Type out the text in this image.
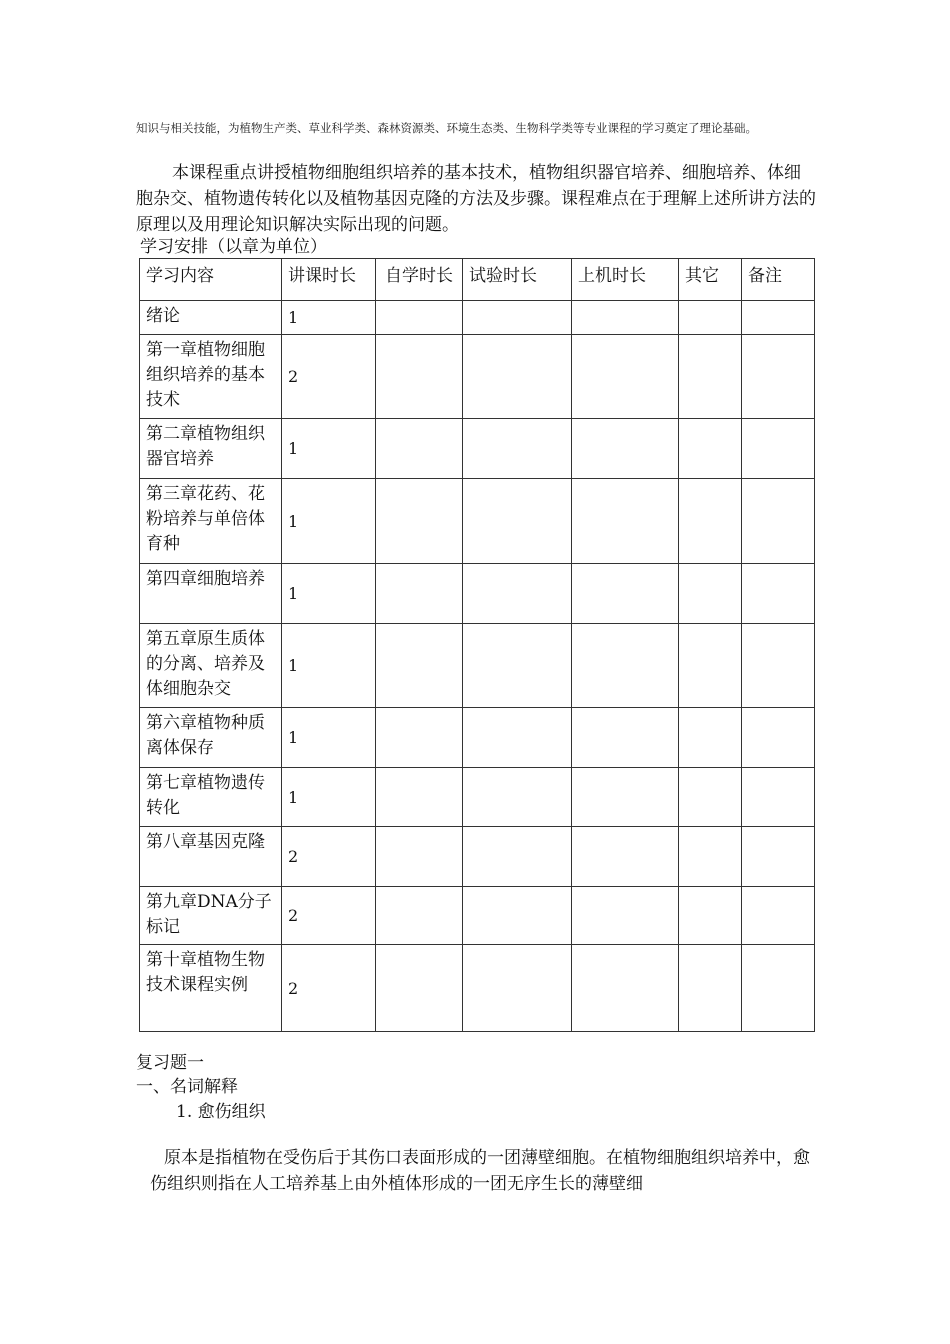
知识与相关技能，为植物生产类、草业科学类、森林资源类、环境生态类、生物科学类等专业课程的学习奠定了理论基础。
本课程重点讲授植物细胞组织培养的基本技术，植物组织器官培养、细胞培养、体细胞杂交、植物遗传转化以及植物基因克隆的方法及步骤。课程难点在于理解上述所讲方法的原理以及用理论知识解决实际出现的问题。
学习安排（以章为单位）
学习内容	讲课时长	自学时长	试验时长	上机时长	其它	备注
绪论	1					
第一章植物细胞组织培养的基本技术	2					
第二章植物组织器官培养	1					
第三章花药、花粉培养与单倍体育种	1					
第四章细胞培养	1					

第五章原生质体的分离、培养及体细胞杂交	1					
第六章植物种质离体保存	1					
第七章植物遗传转化	1					
第八章基因克隆	2					
第九章DNA分子标记	2					
第十章植物生物技术课程实例	2					
复习题一
一、名词解释
1. 愈伤组织
原本是指植物在受伤后于其伤口表面形成的一团薄壁细胞。在植物细胞组织培养中，愈伤组织则指在人工培养基上由外植体形成的一团无序生长的薄壁细
